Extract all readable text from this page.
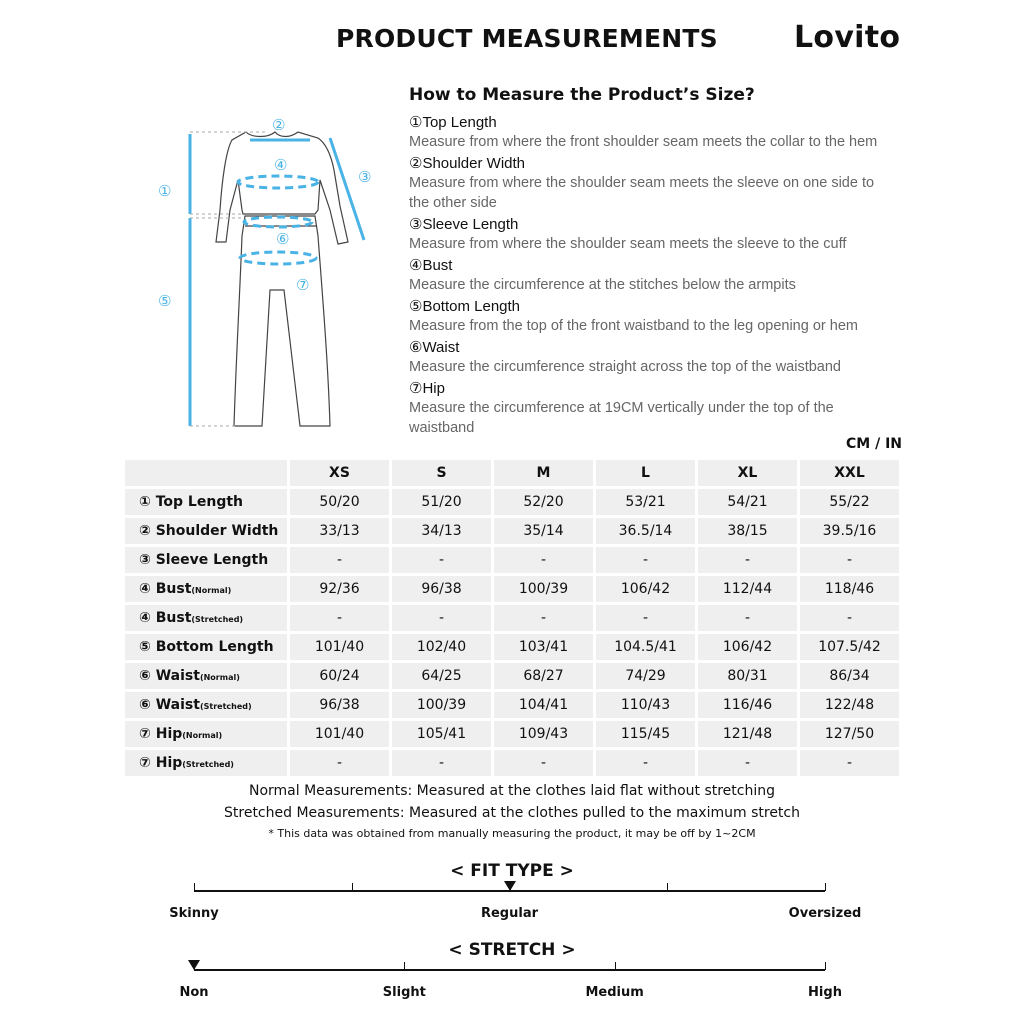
PRODUCT MEASUREMENTS	Lovito
①
②
③
④
⑤
⑥
⑦
How to Measure the Product’s Size?
①Top Length
Measure from where the front shoulder seam meets the collar to the hem
②Shoulder Width
Measure from where the shoulder seam meets the sleeve on one side to the other side
③Sleeve Length
Measure from where the shoulder seam meets the sleeve to the cuff
④Bust
Measure the circumference at the stitches below the armpits
⑤Bottom Length
Measure from the top of the front waistband to the leg opening or hem
⑥Waist
Measure the circumference straight across the top of the waistband
⑦Hip
Measure the circumference at 19CM vertically under the top of the waistband
CM / IN
	XS	S	M	L	XL	XXL
① Top Length	50/20	51/20	52/20	53/21	54/21	55/22
② Shoulder Width	33/13	34/13	35/14	36.5/14	38/15	39.5/16
③ Sleeve Length	-	-	-	-	-	-
④ Bust(Normal)	92/36	96/38	100/39	106/42	112/44	118/46
④ Bust(Stretched)	-	-	-	-	-	-
⑤ Bottom Length	101/40	102/40	103/41	104.5/41	106/42	107.5/42
⑥ Waist(Normal)	60/24	64/25	68/27	74/29	80/31	86/34
⑥ Waist(Stretched)	96/38	100/39	104/41	110/43	116/46	122/48
⑦ Hip(Normal)	101/40	105/41	109/43	115/45	121/48	127/50
⑦ Hip(Stretched)	-	-	-	-	-	-
Normal Measurements: Measured at the clothes laid flat without stretching
Stretched Measurements: Measured at the clothes pulled to the maximum stretch
* This data was obtained from manually measuring the product, it may be off by 1~2CM
< FIT TYPE >
Skinny	Regular	Oversized
< STRETCH >
Non	Slight	Medium	High
